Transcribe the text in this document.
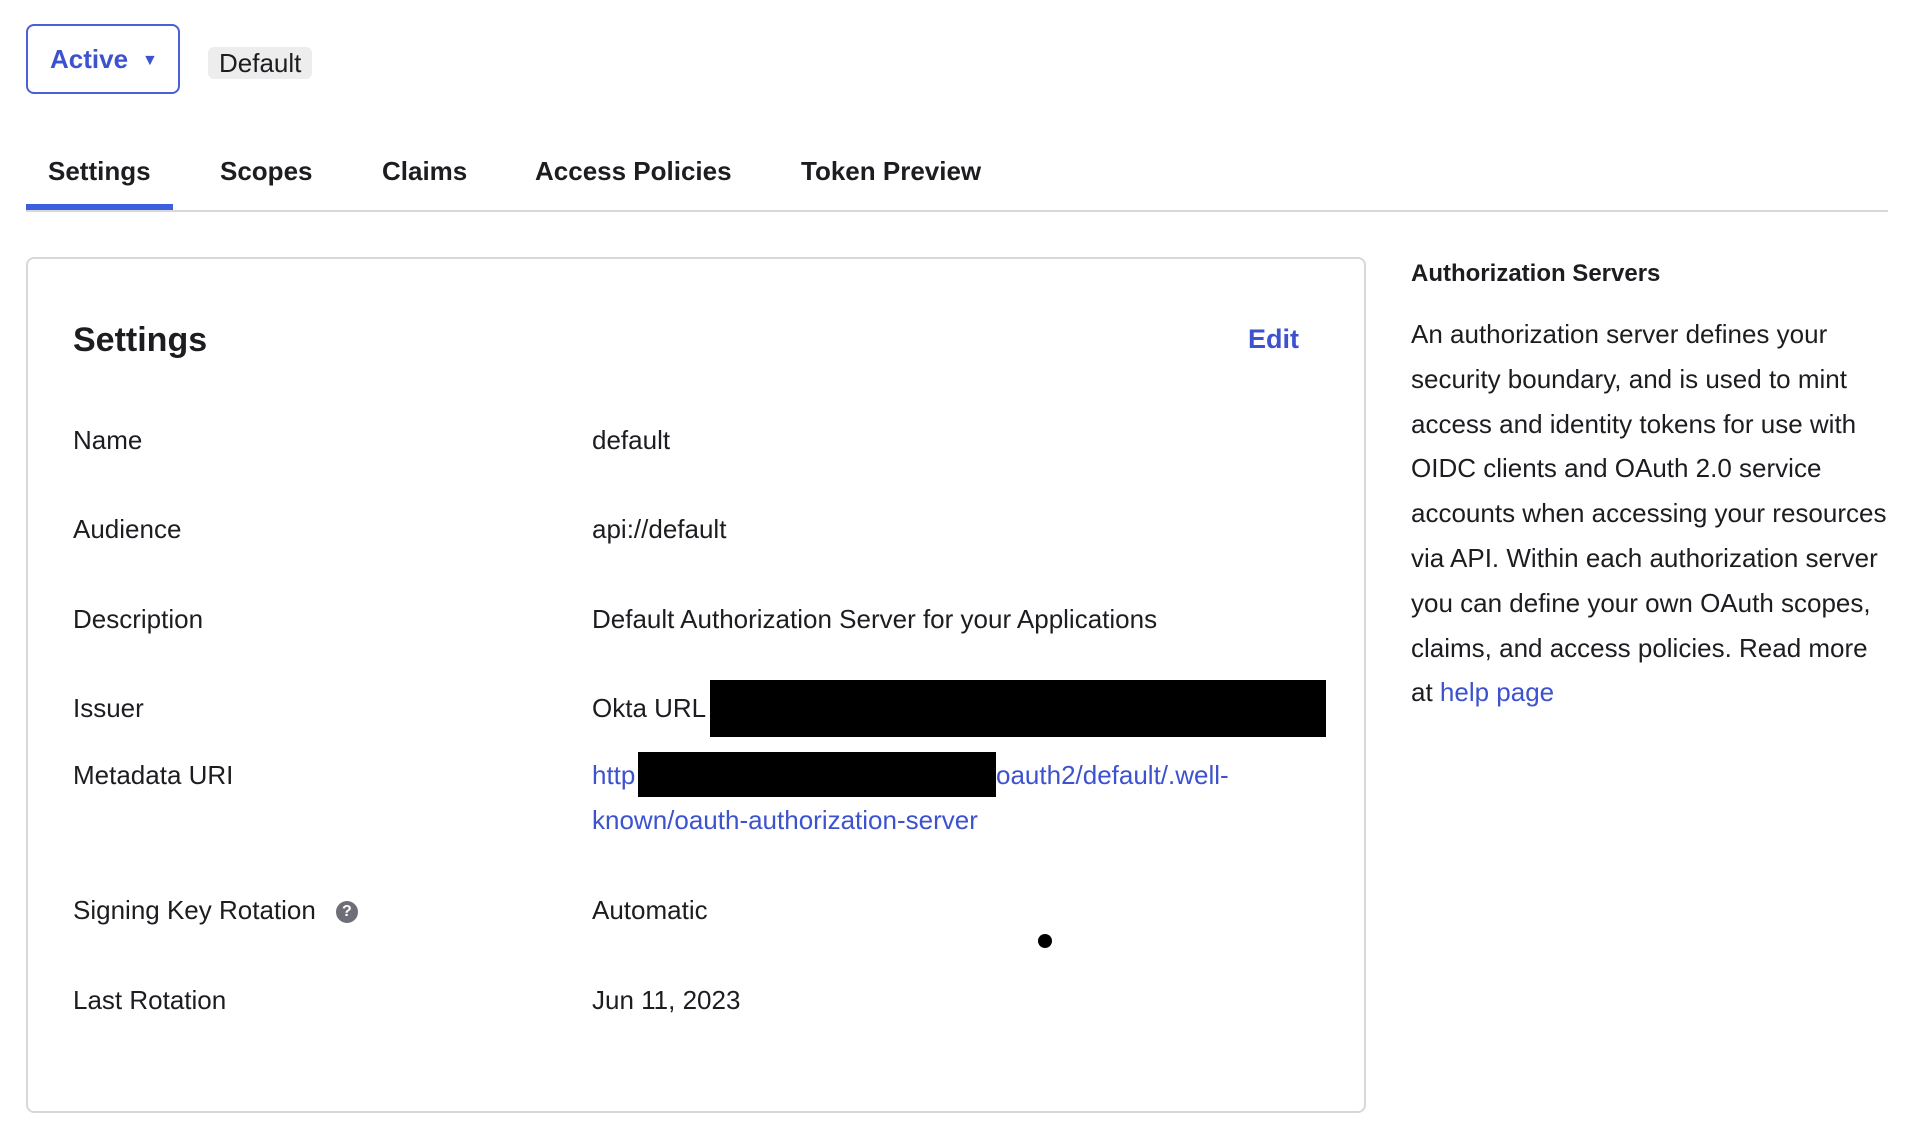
Active ▼	Default
Settings	Scopes	Claims	Access Policies	Token Preview
Settings	Edit
Name	default
Audience	api://default
Description	Default Authorization Server for your Applications
Issuer	Okta URL
Metadata URI	http	oauth2/default/.well-
known/oauth-authorization-server
Signing Key Rotation ?	Automatic
Last Rotation	Jun 11, 2023
Authorization Servers
An authorization server defines your security boundary, and is used to mint access and identity tokens for use with OIDC clients and OAuth 2.0 service accounts when accessing your resources via API. Within each authorization server you can define your own OAuth scopes, claims, and access policies. Read more at help page
